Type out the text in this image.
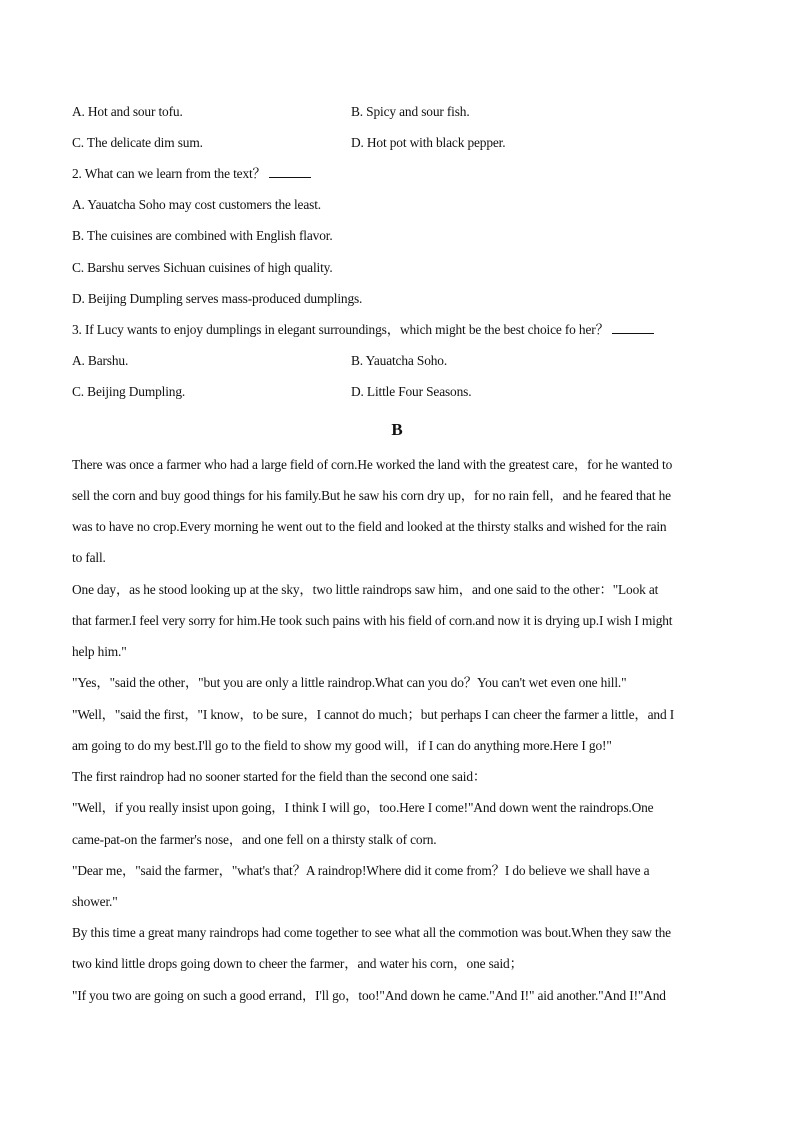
A. Hot and sour tofu.	B. Spicy and sour fish.
C. The delicate dim sum.	D. Hot pot with black pepper.
2. What can we learn from the text？
A. Yauatcha Soho may cost customers the least.
B. The cuisines are combined with English flavor.
C. Barshu serves Sichuan cuisines of high quality.
D. Beijing Dumpling serves mass-produced dumplings.
3. If Lucy wants to enjoy dumplings in elegant surroundings，which might be the best choice fo her？
A. Barshu.	B. Yauatcha Soho.
C. Beijing Dumpling.	D. Little Four Seasons.
B
There was once a farmer who had a large field of corn.He worked the land with the greatest care，for he wanted to
sell the corn and buy good things for his family.But he saw his corn dry up，for no rain fell，and he feared that he
was to have no crop.Every morning he went out to the field and looked at the thirsty stalks and wished for the rain
to fall.
One day，as he stood looking up at the sky，two little raindrops saw him，and one said to the other："Look at
that farmer.I feel very sorry for him.He took such pains with his field of corn.and now it is drying up.I wish I might
help him."
"Yes，"said the other，"but you are only a little raindrop.What can you do？You can't wet even one hill."
"Well，"said the first，"I know，to be sure，I cannot do much；but perhaps I can cheer the farmer a little，and I
am going to do my best.I'll go to the field to show my good will，if I can do anything more.Here I go!"
The first raindrop had no sooner started for the field than the second one said：
"Well，if you really insist upon going，I think I will go，too.Here I come!"And down went the raindrops.One
came-pat-on the farmer's nose，and one fell on a thirsty stalk of corn.
"Dear me，"said the farmer，"what's that？A raindrop!Where did it come from？I do believe we shall have a
shower."
By this time a great many raindrops had come together to see what all the commotion was bout.When they saw the
two kind little drops going down to cheer the farmer，and water his corn，one said；
"If you two are going on such a good errand，I'll go，too!"And down he came."And I!" aid another."And I!"And
